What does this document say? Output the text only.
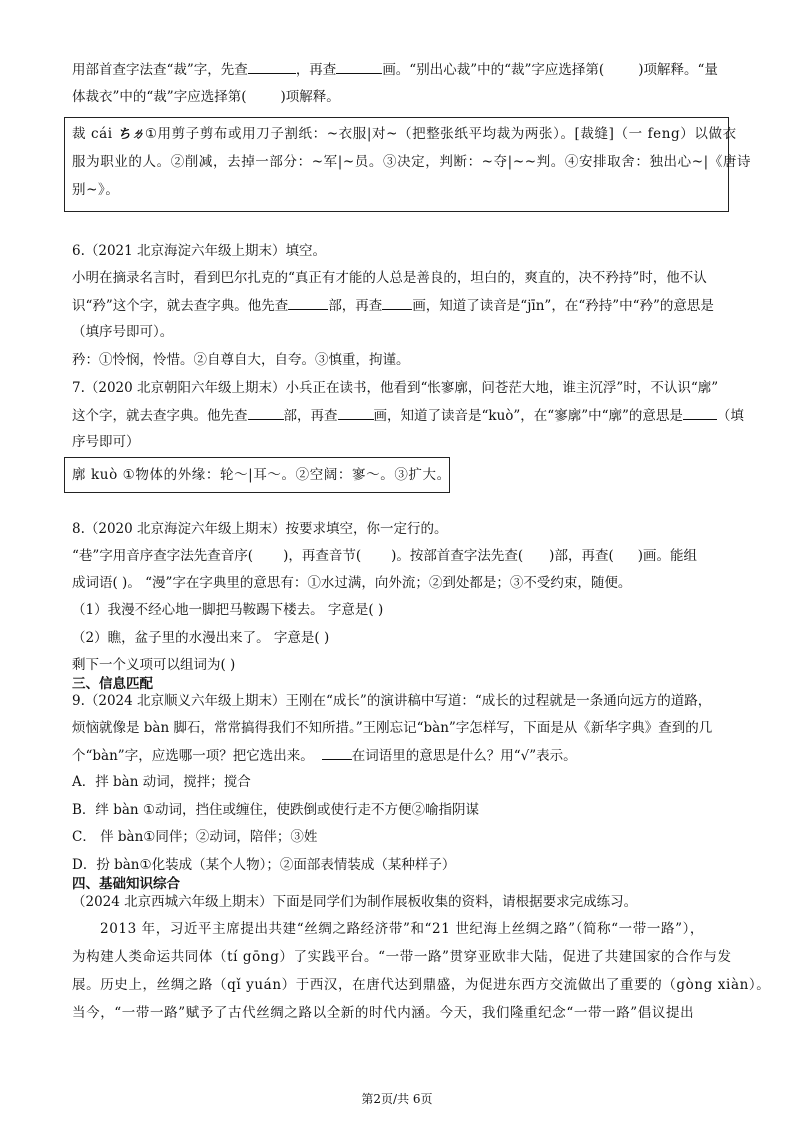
用部首查字法查“裁”字，先查	，再查	画。“别出心裁”中的“裁”字应选择第(	)项解释。“量
体裁衣”中的“裁”字应选择第(	)项解释。
裁 cái ちㄌ①用剪子剪布或用刀子割纸：~衣服|对~（把整张纸平均裁为两张）。[裁缝]（一 feng）以做衣
服为职业的人。②削减，去掉一部分：~军|~员。③决定，判断：~夺|~~判。④安排取舍：独出心~|《唐诗
别~》。
6.（2021 北京海淀六年级上期末）填空。
小明在摘录名言时，看到巴尔扎克的“真正有才能的人总是善良的，坦白的，爽直的，决不矜持”时，他不认
识“矜”这个字，就去查字典。他先查	部，再查 画，知道了读音是“jīn”，在“矜持”中“矜”的意思是
（填序号即可）。
矜：①怜悯，怜惜。②自尊自大，自夸。③慎重，拘谨。
7.（2020 北京朝阳六年级上期末）小兵正在读书，他看到“怅寥廓，问苍茫大地，谁主沉浮”时，不认识“廓”
这个字，就去查字典。他先查	部，再查	画，知道了读音是“kuò”，在“寥廓”中“廓”的意思是	（填
序号即可）
廓 kuò ①物体的外缘：轮～|耳～。②空阔：寥～。③扩大。
8.（2020 北京海淀六年级上期末）按要求填空，你一定行的。
“巷”字用音序查字法先查音序( )，再查音节( )。按部首查字法先查( )部，再查( )画。能组
成词语( )。 “漫”字在字典里的意思有：①水过满，向外流；②到处都是；③不受约束，随便。
（1）我漫不经心地一脚把马鞍踢下楼去。 字意是( )
（2）瞧，盆子里的水漫出来了。 字意是( )
剩下一个义项可以组词为( )
三、信息匹配
9.（2024 北京顺义六年级上期末）王刚在“成长”的演讲稿中写道：“成长的过程就是一条通向远方的道路，
烦恼就像是 bàn 脚石，常常搞得我们不知所措。”王刚忘记“bàn”字怎样写，下面是从《新华字典》查到的几
个“bàn”字，应选哪一项？把它选出来。	在词语里的意思是什么？用“√”表示。
A．拌 bàn 动词，搅拌；搅合
B．绊 bàn ①动词，挡住或缠住，使跌倒或使行走不方便②喻指阴谋
C． 伴 bàn①同伴；②动词，陪伴；③姓
D．扮 bàn①化装成（某个人物）；②面部表情装成（某种样子）
四、基础知识综合
（2024 北京西城六年级上期末）下面是同学们为制作展板收集的资料，请根据要求完成练习。
2013 年，习近平主席提出共建“丝绸之路经济带”和“21 世纪海上丝绸之路”（简称“一带一路”），
为构建人类命运共同体（tí gōng）了实践平台。“一带一路”贯穿亚欧非大陆，促进了共建国家的合作与发
展。历史上，丝绸之路（qǐ yuán）于西汉，在唐代达到鼎盛，为促进东西方交流做出了重要的（gòng xiàn）。
当今，“一带一路”赋予了古代丝绸之路以全新的时代内涵。今天，我们隆重纪念“一带一路”倡议提出
第2页/共 6页
